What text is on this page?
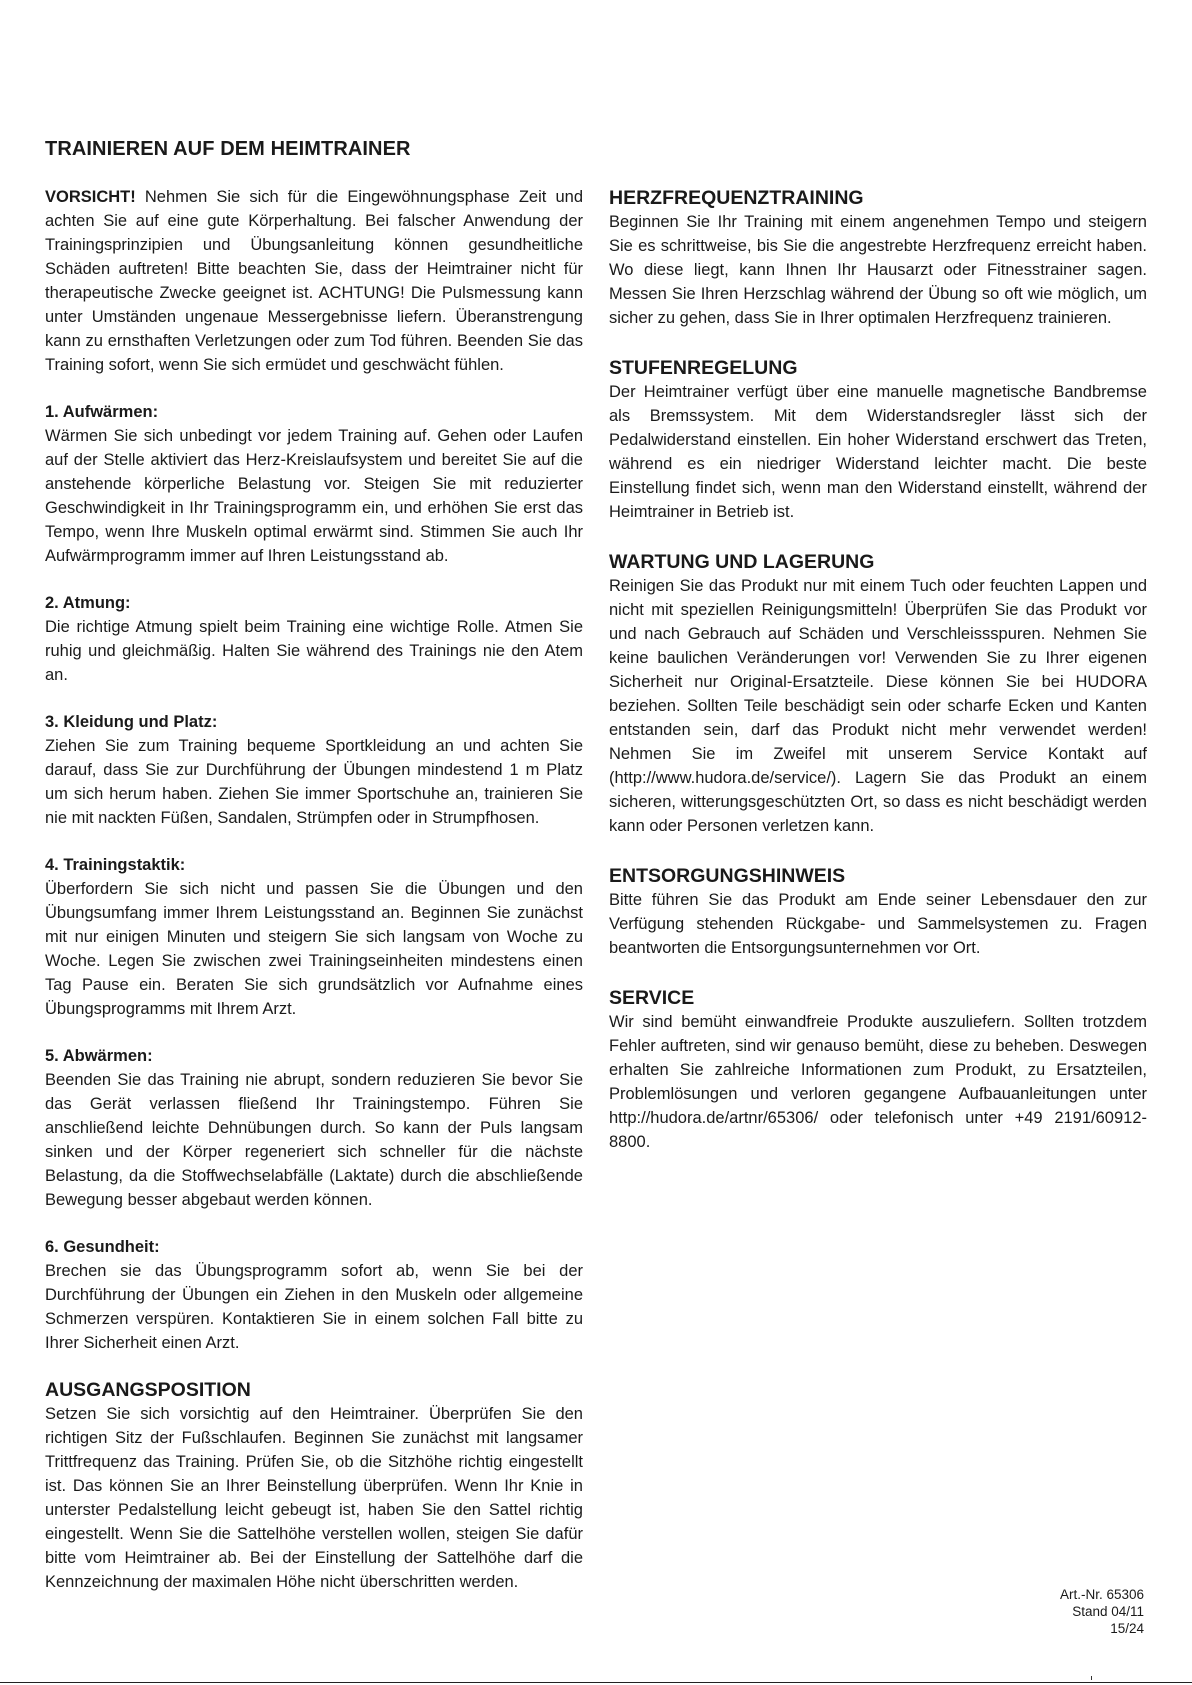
TRAINIEREN AUF DEM HEIMTRAINER

VORSICHT! Nehmen Sie sich für die Eingewöhnungsphase Zeit und achten Sie auf eine gute Körperhaltung. Bei falscher Anwendung der Trainingsprinzipien und Übungsanleitung können gesundheitliche Schäden auftreten! Bitte beachten Sie, dass der Heimtrainer nicht für therapeutische Zwecke geeignet ist. ACHTUNG! Die Pulsmessung kann unter Umständen ungenaue Messergebnisse liefern. Überanstrengung kann zu ernsthaften Verletzungen oder zum Tod führen. Beenden Sie das Training sofort, wenn Sie sich ermüdet und geschwächt fühlen.

1. Aufwärmen:

Wärmen Sie sich unbedingt vor jedem Training auf. Gehen oder Laufen auf der Stelle aktiviert das Herz-Kreislaufsystem und bereitet Sie auf die anstehende körperliche Belastung vor. Steigen Sie mit reduzierter Geschwindigkeit in Ihr Trainingsprogramm ein, und erhöhen Sie erst das Tempo, wenn Ihre Muskeln optimal erwärmt sind. Stimmen Sie auch Ihr Aufwärmprogramm immer auf Ihren Leistungsstand ab.

2. Atmung:

Die richtige Atmung spielt beim Training eine wichtige Rolle. Atmen Sie ruhig und gleichmäßig. Halten Sie während des Trainings nie den Atem an.

3. Kleidung und Platz:

Ziehen Sie zum Training bequeme Sportkleidung an und achten Sie darauf, dass Sie zur Durchführung der Übungen mindestend 1 m Platz um sich herum haben. Ziehen Sie immer Sportschuhe an, trainieren Sie nie mit nackten Füßen, Sandalen, Strümpfen oder in Strumpfhosen.

4. Trainingstaktik:

Überfordern Sie sich nicht und passen Sie die Übungen und den Übungsumfang immer Ihrem Leistungsstand an. Beginnen Sie zunächst mit nur einigen Minuten und steigern Sie sich langsam von Woche zu Woche. Legen Sie zwischen zwei Trainingseinheiten mindestens einen Tag Pause ein. Beraten Sie sich grundsätzlich vor Aufnahme eines Übungsprogramms mit Ihrem Arzt.

5. Abwärmen:

Beenden Sie das Training nie abrupt, sondern reduzieren Sie bevor Sie das Gerät verlassen fließend Ihr Trainingstempo. Führen Sie anschließend leichte Dehnübungen durch. So kann der Puls langsam sinken und der Körper regeneriert sich schneller für die nächste Belastung, da die Stoffwechselabfälle (Laktate) durch die abschließende Bewegung besser abgebaut werden können.

6. Gesundheit:

Brechen sie das Übungsprogramm sofort ab, wenn Sie bei der Durchführung der Übungen ein Ziehen in den Muskeln oder allgemeine Schmerzen verspüren. Kontaktieren Sie in einem solchen Fall bitte zu Ihrer Sicherheit einen Arzt.

AUSGANGSPOSITION

Setzen Sie sich vorsichtig auf den Heimtrainer. Überprüfen Sie den richtigen Sitz der Fußschlaufen. Beginnen Sie zunächst mit langsamer Trittfrequenz das Training. Prüfen Sie, ob die Sitzhöhe richtig eingestellt ist. Das können Sie an Ihrer Beinstellung überprüfen. Wenn Ihr Knie in unterster Pedalstellung leicht gebeugt ist, haben Sie den Sattel richtig eingestellt. Wenn Sie die Sattelhöhe verstellen wollen, steigen Sie dafür bitte vom Heimtrainer ab. Bei der Einstellung der Sattelhöhe darf die Kennzeichnung der maximalen Höhe nicht überschritten werden.

HERZFREQUENZTRAINING

Beginnen Sie Ihr Training mit einem angenehmen Tempo und steigern Sie es schrittweise, bis Sie die angestrebte Herzfrequenz erreicht haben. Wo diese liegt, kann Ihnen Ihr Hausarzt oder Fitnesstrainer sagen. Messen Sie Ihren Herzschlag während der Übung so oft wie möglich, um sicher zu gehen, dass Sie in Ihrer optimalen Herzfrequenz trainieren.

STUFENREGELUNG

Der Heimtrainer verfügt über eine manuelle magnetische Bandbremse als Bremssystem. Mit dem Widerstandsregler lässt sich der Pedalwiderstand einstellen. Ein hoher Widerstand erschwert das Treten, während es ein niedriger Widerstand leichter macht. Die beste Einstellung findet sich, wenn man den Widerstand einstellt, während der Heimtrainer in Betrieb ist.

WARTUNG UND LAGERUNG

Reinigen Sie das Produkt nur mit einem Tuch oder feuchten Lappen und nicht mit speziellen Reinigungsmitteln! Überprüfen Sie das Produkt vor und nach Gebrauch auf Schäden und Verschleissspuren. Nehmen Sie keine baulichen Veränderungen vor! Verwenden Sie zu Ihrer eigenen Sicherheit nur Original-Ersatzteile. Diese können Sie bei HUDORA beziehen. Sollten Teile beschädigt sein oder scharfe Ecken und Kanten entstanden sein, darf das Produkt nicht mehr verwendet werden! Nehmen Sie im Zweifel mit unserem Service Kontakt auf (http://www.hudora.de/service/). Lagern Sie das Produkt an einem sicheren, witterungsgeschützten Ort, so dass es nicht beschädigt werden kann oder Personen verletzen kann.

ENTSORGUNGSHINWEIS

Bitte führen Sie das Produkt am Ende seiner Lebensdauer den zur Verfügung stehenden Rückgabe- und Sammelsystemen zu. Fragen beantworten die Entsorgungsunternehmen vor Ort.

SERVICE

Wir sind bemüht einwandfreie Produkte auszuliefern. Sollten trotzdem Fehler auftreten, sind wir genauso bemüht, diese zu beheben. Deswegen erhalten Sie zahlreiche Informationen zum Produkt, zu Ersatzteilen, Problemlösungen und verloren gegangene Aufbauanleitungen unter http://hudora.de/artnr/65306/ oder telefonisch unter +49 2191/60912-8800.

Art.-Nr. 65306
Stand 04/11
15/24
